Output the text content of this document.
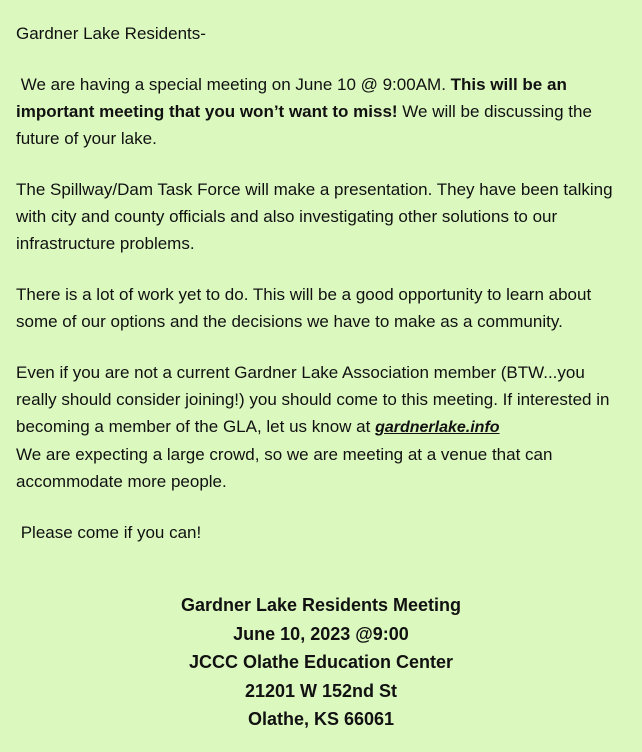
Gardner Lake Residents-

We are having a special meeting on June 10 @ 9:00AM. This will be an important meeting that you won’t want to miss! We will be discussing the future of your lake.

The Spillway/Dam Task Force will make a presentation. They have been talking with city and county officials and also investigating other solutions to our infrastructure problems.

There is a lot of work yet to do. This will be a good opportunity to learn about some of our options and the decisions we have to make as a community.

Even if you are not a current Gardner Lake Association member (BTW...you really should consider joining!) you should come to this meeting. If interested in becoming a member of the GLA, let us know at gardnerlake.info
We are expecting a large crowd, so we are meeting at a venue that can accommodate more people.

Please come if you can!

Gardner Lake Residents Meeting
June 10, 2023 @9:00
JCCC Olathe Education Center
21201 W 152nd St
Olathe, KS 66061
